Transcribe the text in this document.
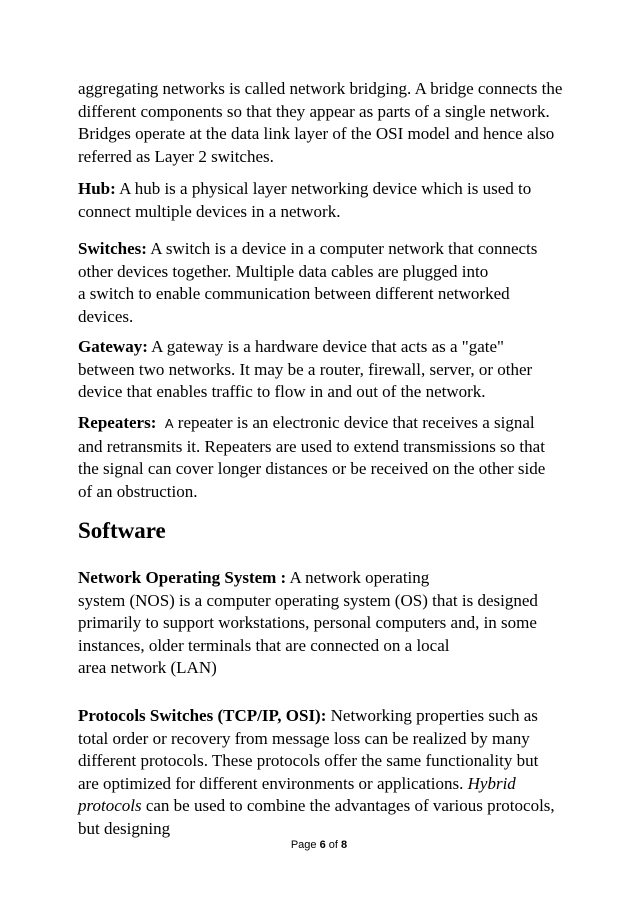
aggregating networks is called network bridging. A bridge connects the
different components so that they appear as parts of a single network.
Bridges operate at the data link layer of the OSI model and hence also
referred as Layer 2 switches.
Hub: A hub is a physical layer networking device which is used to
connect multiple devices in a network.
Switches: A switch is a device in a computer network that connects
other devices together. Multiple data cables are plugged into
a switch to enable communication between different networked
devices.
Gateway: A gateway is a hardware device that acts as a "gate"
between two networks. It may be a router, firewall, server, or other
device that enables traffic to flow in and out of the network.
Repeaters: A repeater is an electronic device that receives a signal
and retransmits it. Repeaters are used to extend transmissions so that
the signal can cover longer distances or be received on the other side
of an obstruction.
Software
Network Operating System : A network operating
system (NOS) is a computer operating system (OS) that is designed
primarily to support workstations, personal computers and, in some
instances, older terminals that are connected on a local
area network (LAN)
Protocols Switches (TCP/IP, OSI): Networking properties such as
total order or recovery from message loss can be realized by many
different protocols. These protocols offer the same functionality but
are optimized for different environments or applications. Hybrid
protocols can be used to combine the advantages of various protocols,
but designing
Page 6 of 8
